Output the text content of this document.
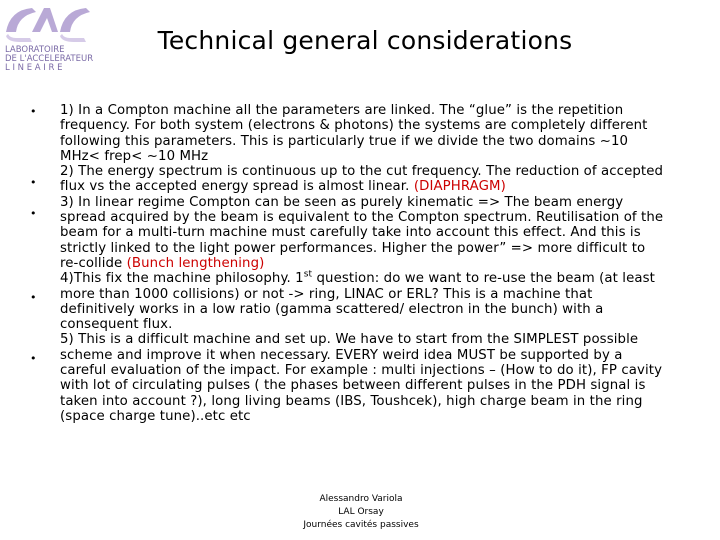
LABORATOIRE
DE L'ACCELERATEUR
L I N E A I R E
Technical general considerations
•
•
•
•
•

1) In a Compton machine all the parameters are linked. The “glue” is the repetition frequency. For both system (electrons & photons) the systems are completely different following this parameters. This is particularly true if we divide the two domains ~10 MHz< frep< ~10 MHz

2) The energy spectrum is continuous up to the cut frequency. The reduction of accepted flux vs the accepted energy spread is almost linear. (DIAPHRAGM)

3) In linear regime Compton can be seen as purely kinematic => The beam energy spread acquired by the beam is equivalent to the Compton spectrum. Reutilisation of the beam for a multi-turn machine must carefully take into account this effect. And this is strictly linked to the light power performances. Higher the power” => more difficult to re-collide (Bunch lengthening)

4)This fix the machine philosophy. 1st question: do we want to re-use the beam (at least more than 1000 collisions) or not -> ring, LINAC or ERL? This is a machine that definitively works in a low ratio (gamma scattered/ electron in the bunch) with a consequent flux.

5) This is a difficult machine and set up. We have to start from the SIMPLEST possible scheme and improve it when necessary. EVERY weird idea MUST be supported by a careful evaluation of the impact. For example : multi injections – (How to do it), FP cavity with lot of circulating pulses ( the phases between different pulses in the PDH signal is taken into account ?), long living beams (IBS, Toushcek), high charge beam in the ring (space charge tune)..etc etc

Alessandro Variola
LAL Orsay
Journées cavités passives
